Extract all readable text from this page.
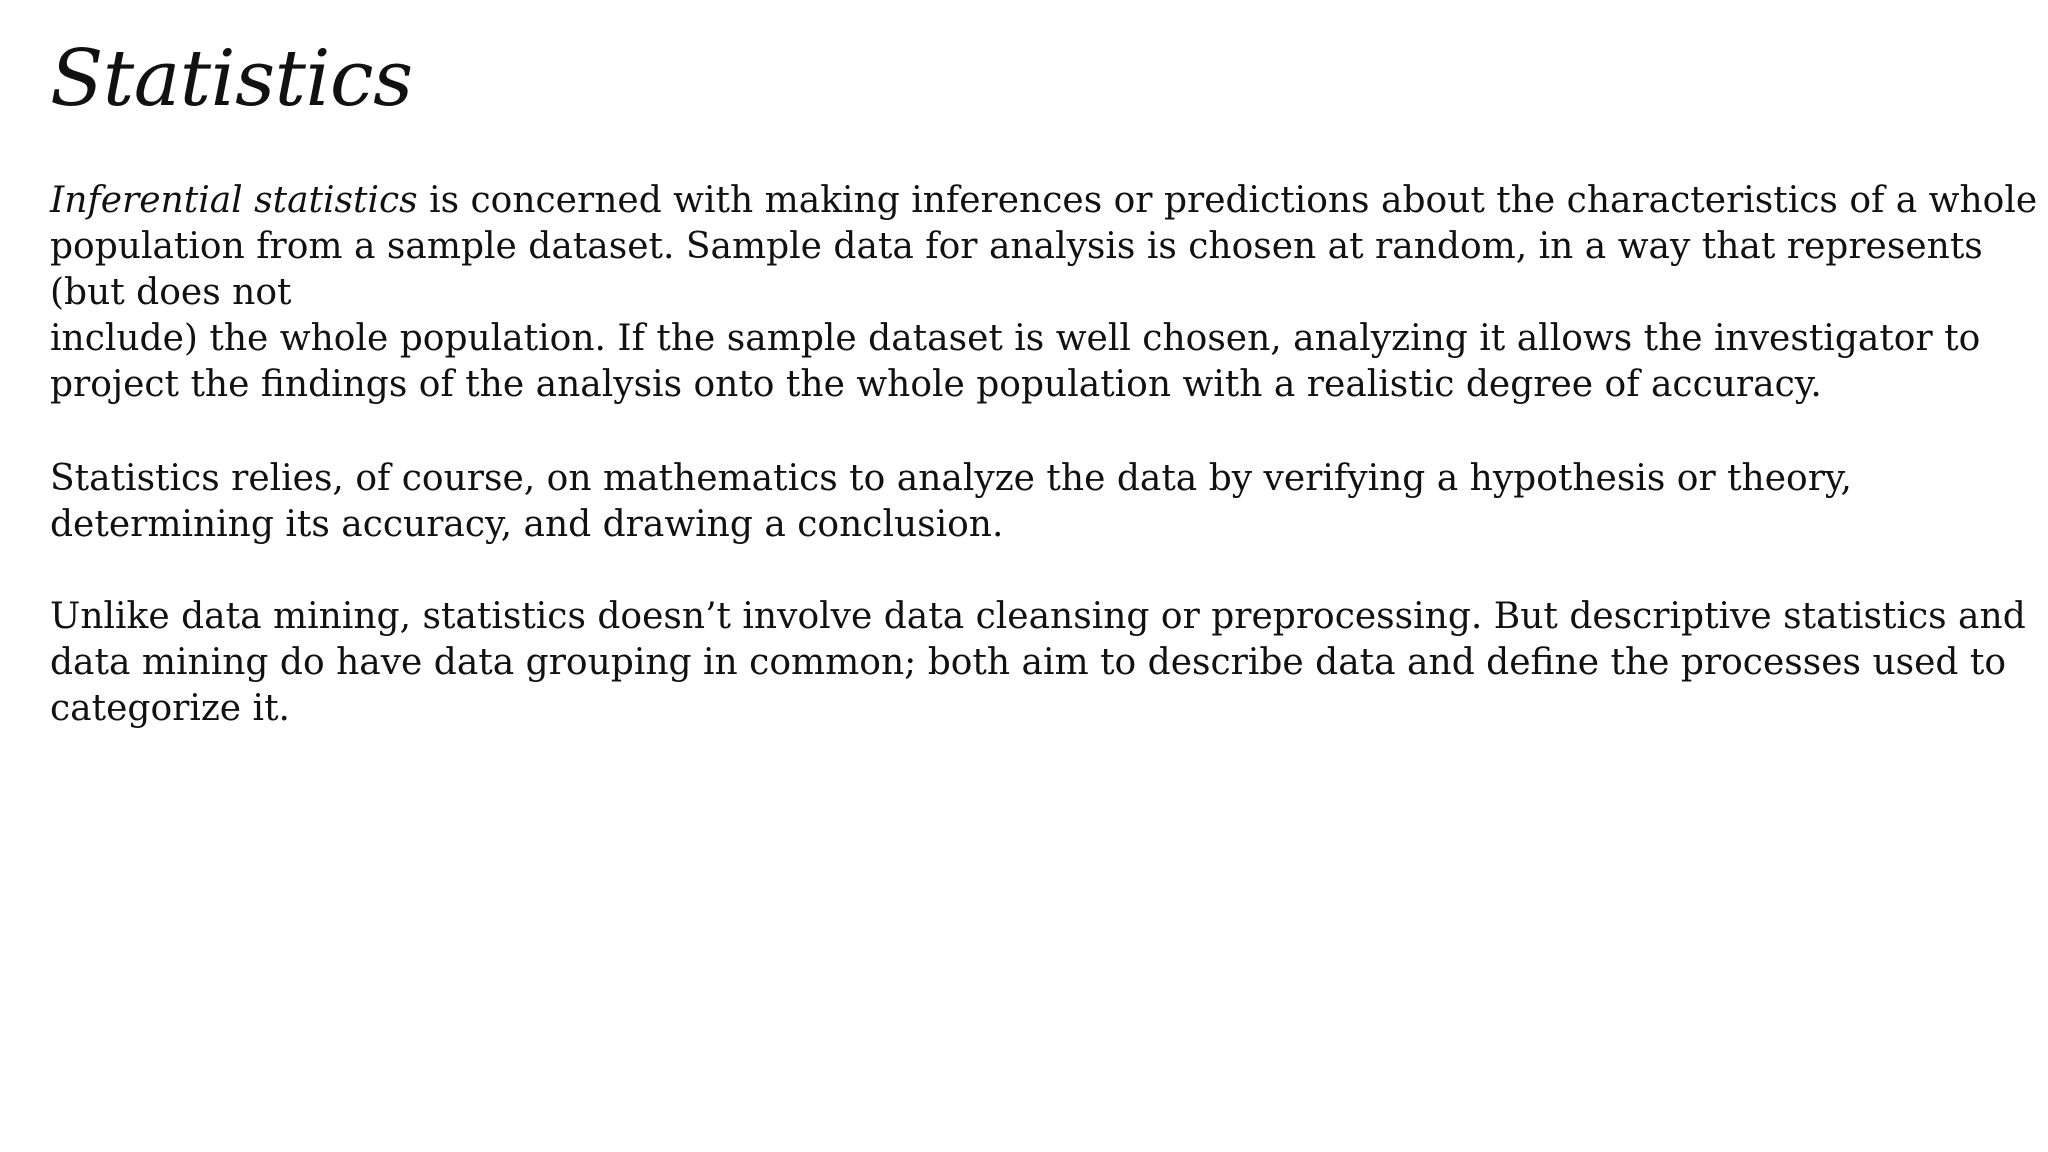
Statistics

Inferential statistics is concerned with making inferences or predictions about the characteristics of a whole
population from a sample dataset. Sample data for analysis is chosen at random, in a way that represents
(but does not
include) the whole population. If the sample dataset is well chosen, analyzing it allows the investigator to
project the findings of the analysis onto the whole population with a realistic degree of accuracy.

Statistics relies, of course, on mathematics to analyze the data by verifying a hypothesis or theory,
determining its accuracy, and drawing a conclusion.

Unlike data mining, statistics doesn’t involve data cleansing or preprocessing. But descriptive statistics and
data mining do have data grouping in common; both aim to describe data and define the processes used to
categorize it.
